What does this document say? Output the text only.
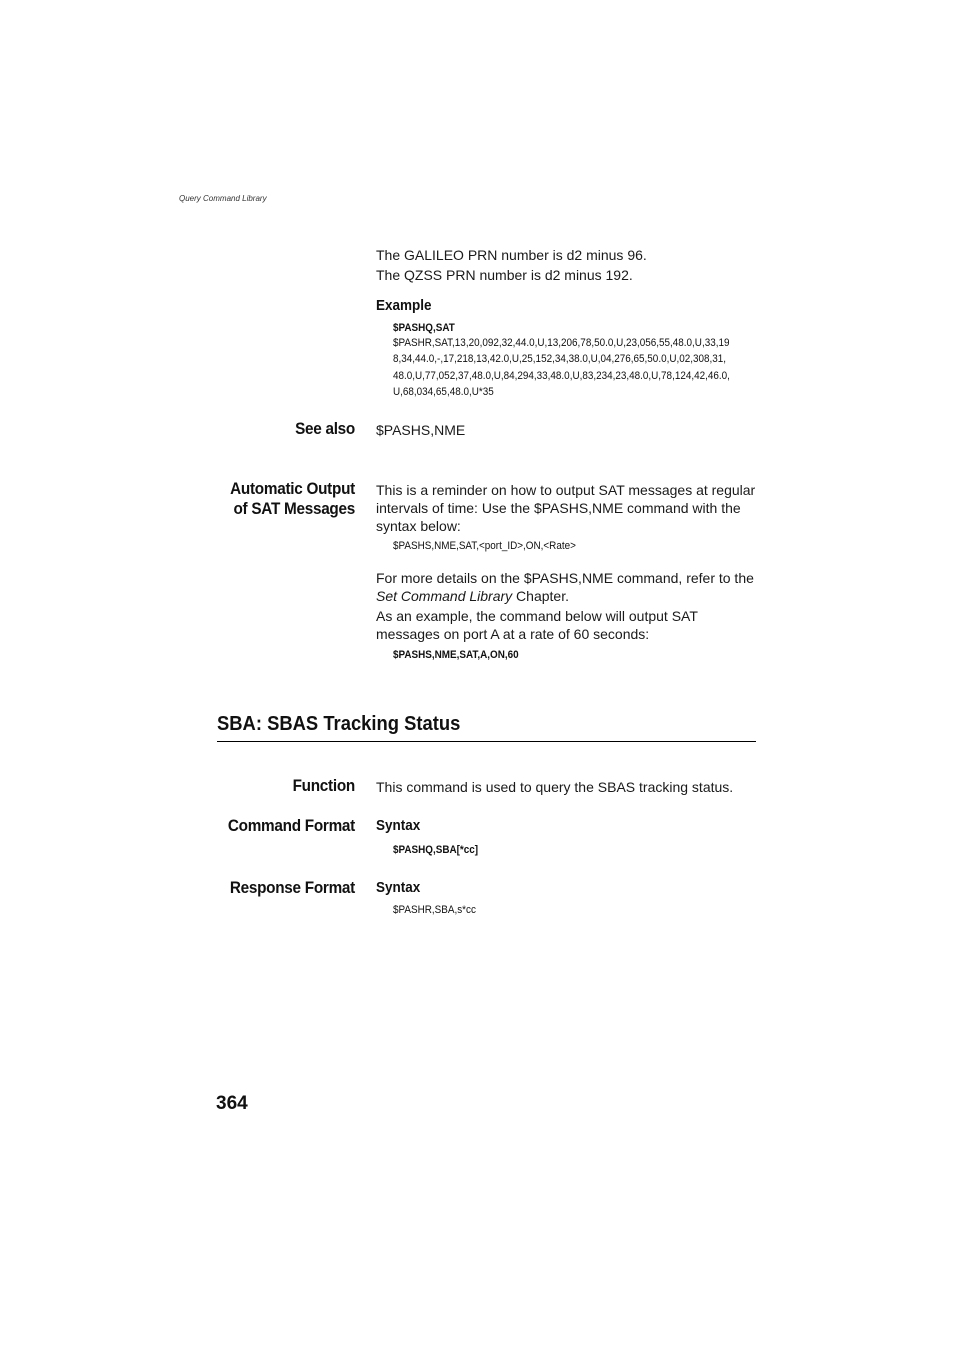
Query Command Library
The GALILEO PRN number is d2 minus 96.
The QZSS PRN number is d2 minus 192.
Example
$PASHQ,SAT
$PASHR,SAT,13,20,092,32,44.0,U,13,206,78,50.0,U,23,056,55,48.0,U,33,19
8,34,44.0,-,17,218,13,42.0,U,25,152,34,38.0,U,04,276,65,50.0,U,02,308,31,
48.0,U,77,052,37,48.0,U,84,294,33,48.0,U,83,234,23,48.0,U,78,124,42,46.0,
U,68,034,65,48.0,U*35
See also $PASHS,NME
Automatic Output
of SAT Messages
This is a reminder on how to output SAT messages at regular
intervals of time: Use the $PASHS,NME command with the
syntax below:
$PASHS,NME,SAT,<port_ID>,ON,<Rate>
For more details on the $PASHS,NME command, refer to the
Set Command Library Chapter.
As an example, the command below will output SAT
messages on port A at a rate of 60 seconds:
$PASHS,NME,SAT,A,ON,60
SBA: SBAS Tracking Status
Function This command is used to query the SBAS tracking status.
Command Format Syntax
$PASHQ,SBA[*cc]
Response Format Syntax
$PASHR,SBA,s*cc
364
